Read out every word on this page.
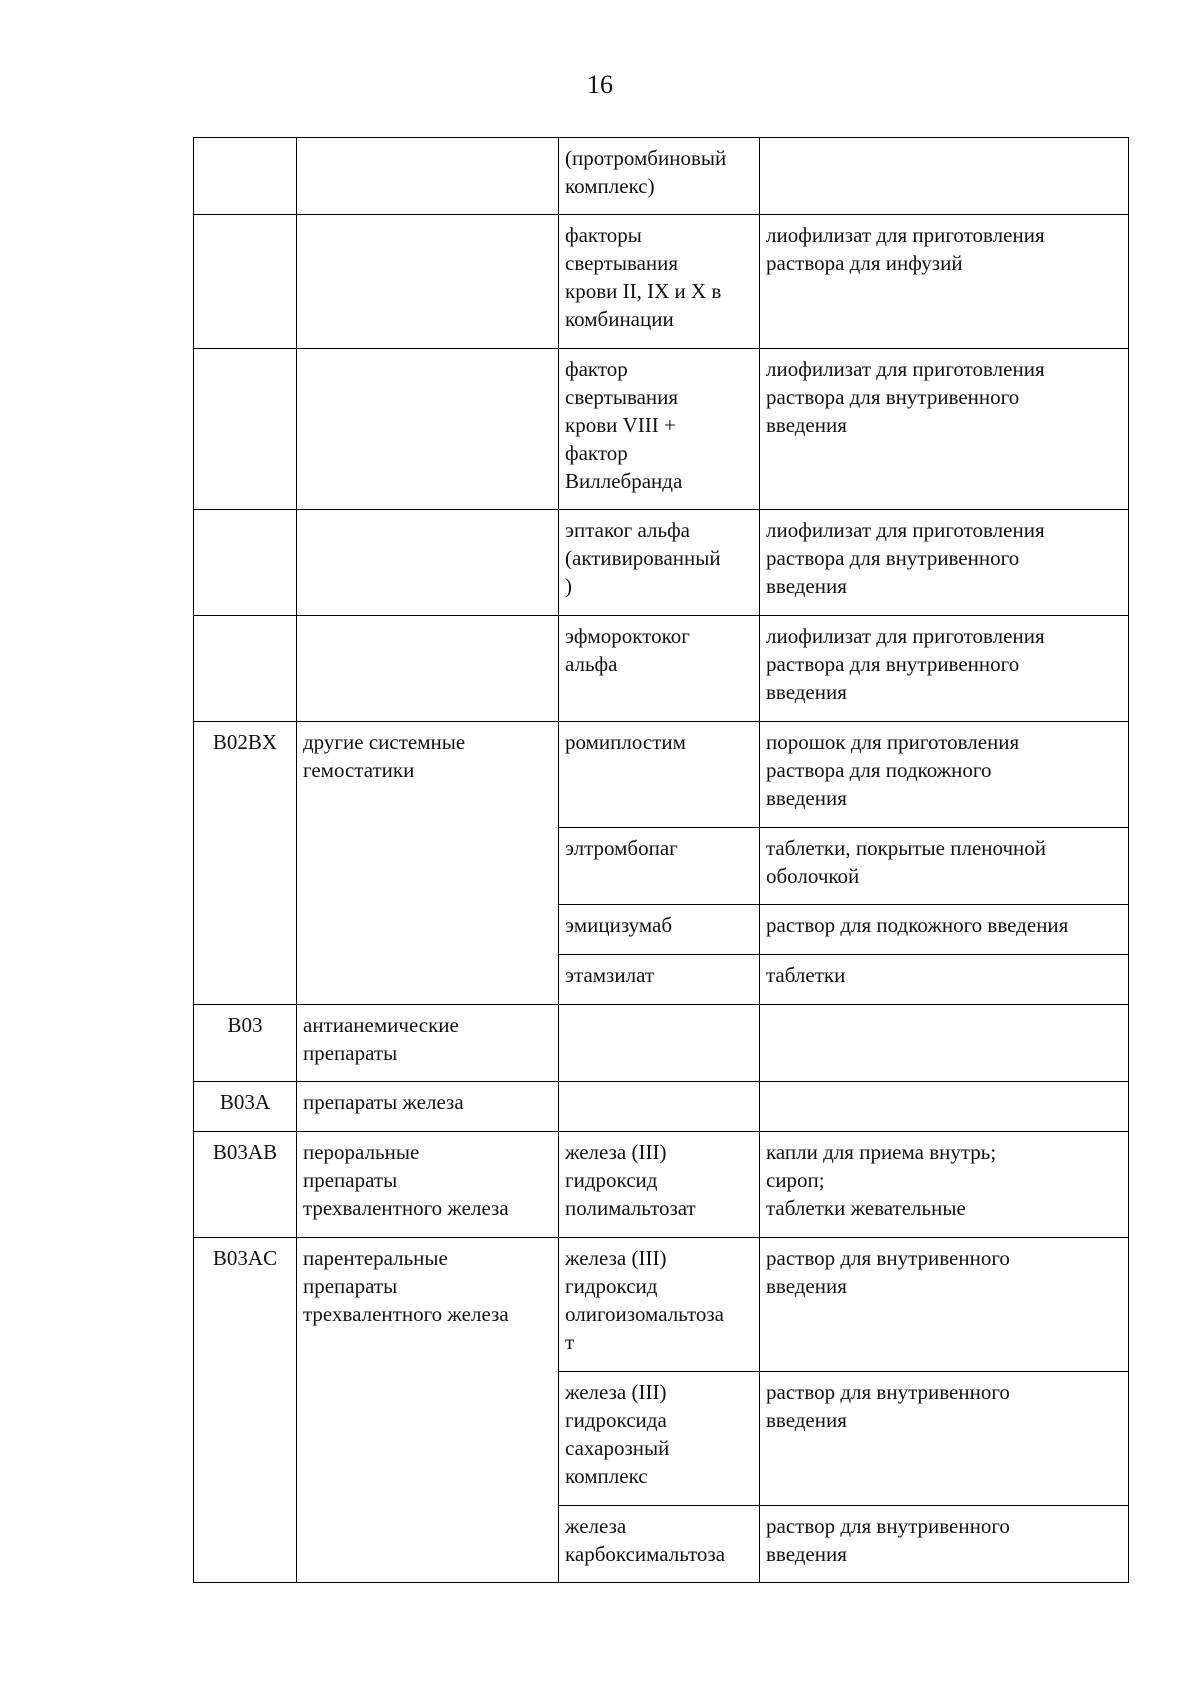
16
		(протромбиновый
комплекс)	
		факторы
свертывания
крови II, IX и X в
комбинации	лиофилизат для приготовления
раствора для инфузий
		фактор
свертывания
крови VIII +
фактор
Виллебранда	лиофилизат для приготовления
раствора для внутривенного
введения
		эптаког альфа
(активированный
)	лиофилизат для приготовления
раствора для внутривенного
введения
		эфмороктоког
альфа	лиофилизат для приготовления
раствора для внутривенного
введения
B02BX	другие системные
гемостатики	ромиплостим	порошок для приготовления
раствора для подкожного
введения
		элтромбопаг	таблетки, покрытые пленочной
оболочкой
		эмицизумаб	раствор для подкожного введения
		этамзилат	таблетки
B03	антианемические
препараты		
B03A	препараты железа		
B03AB	пероральные
препараты
трехвалентного железа	железа (III)
гидроксид
полимальтозат	капли для приема внутрь;
сироп;
таблетки жевательные
B03AC	парентеральные
препараты
трехвалентного железа	железа (III)
гидроксид
олигоизомальтоза
т	раствор для внутривенного
введения
		железа (III)
гидроксида
сахарозный
комплекс	раствор для внутривенного
введения
		железа
карбоксимальтоза	раствор для внутривенного
введения
